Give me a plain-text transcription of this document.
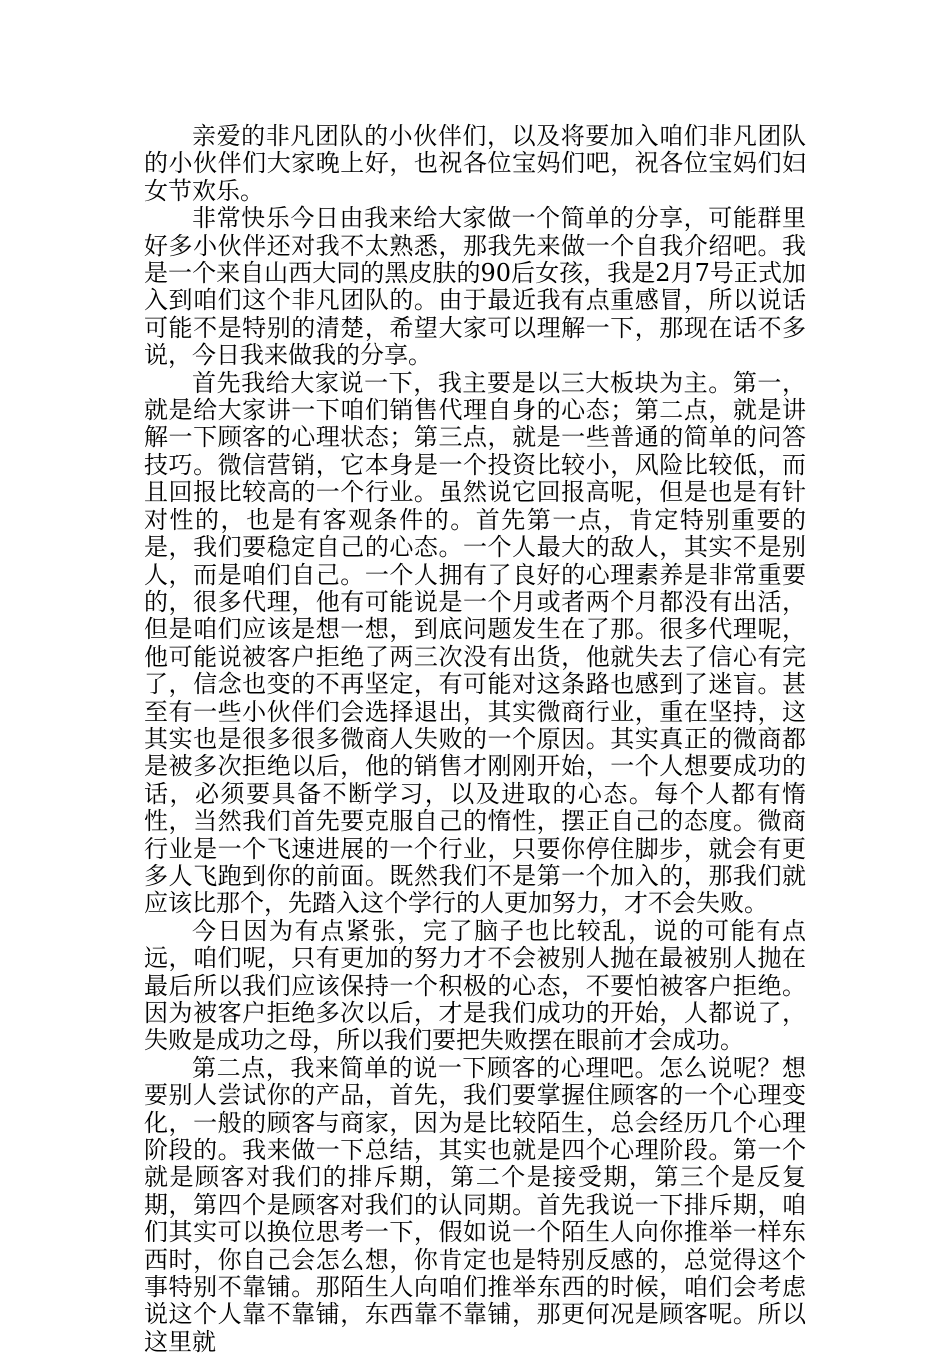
亲爱的非凡团队的小伙伴们，以及将要加入咱们非凡团队的小伙伴们大家晚上好，也祝各位宝妈们吧，祝各位宝妈们妇女节欢乐。

非常快乐今日由我来给大家做一个简单的分享，可能群里好多小伙伴还对我不太熟悉，那我先来做一个自我介绍吧。我是一个来自山西大同的黑皮肤的90后女孩，我是2月7号正式加入到咱们这个非凡团队的。由于最近我有点重感冒，所以说话可能不是特别的清楚，希望大家可以理解一下，那现在话不多说，今日我来做我的分享。

首先我给大家说一下，我主要是以三大板块为主。第一，就是给大家讲一下咱们销售代理自身的心态；第二点，就是讲解一下顾客的心理状态；第三点，就是一些普通的简单的问答技巧。微信营销，它本身是一个投资比较小，风险比较低，而且回报比较高的一个行业。虽然说它回报高呢，但是也是有针对性的，也是有客观条件的。首先第一点，肯定特别重要的是，我们要稳定自己的心态。一个人最大的敌人，其实不是别人，而是咱们自己。一个人拥有了良好的心理素养是非常重要的，很多代理，他有可能说是一个月或者两个月都没有出活，但是咱们应该是想一想，到底问题发生在了那。很多代理呢，他可能说被客户拒绝了两三次没有出货，他就失去了信心有完了，信念也变的不再坚定，有可能对这条路也感到了迷盲。甚至有一些小伙伴们会选择退出，其实微商行业，重在坚持，这其实也是很多很多微商人失败的一个原因。其实真正的微商都是被多次拒绝以后，他的销售才刚刚开始，一个人想要成功的话，必须要具备不断学习，以及进取的心态。每个人都有惰性，当然我们首先要克服自己的惰性，摆正自己的态度。微商行业是一个飞速进展的一个行业，只要你停住脚步，就会有更多人飞跑到你的前面。既然我们不是第一个加入的，那我们就应该比那个，先踏入这个学行的人更加努力，才不会失败。

今日因为有点紧张，完了脑子也比较乱，说的可能有点远，咱们呢，只有更加的努力才不会被别人抛在最被别人抛在最后所以我们应该保持一个积极的心态，不要怕被客户拒绝。因为被客户拒绝多次以后，才是我们成功的开始，人都说了，失败是成功之母，所以我们要把失败摆在眼前才会成功。

第二点，我来简单的说一下顾客的心理吧。怎么说呢？想要别人尝试你的产品，首先，我们要掌握住顾客的一个心理变化，一般的顾客与商家，因为是比较陌生，总会经历几个心理阶段的。我来做一下总结，其实也就是四个心理阶段。第一个就是顾客对我们的排斥期，第二个是接受期，第三个是反复期，第四个是顾客对我们的认同期。首先我说一下排斥期，咱们其实可以换位思考一下，假如说一个陌生人向你推举一样东西时，你自己会怎么想，你肯定也是特别反感的，总觉得这个事特别不靠铺。那陌生人向咱们推举东西的时候，咱们会考虑说这个人靠不靠铺，东西靠不靠铺，那更何况是顾客呢。所以这里就
